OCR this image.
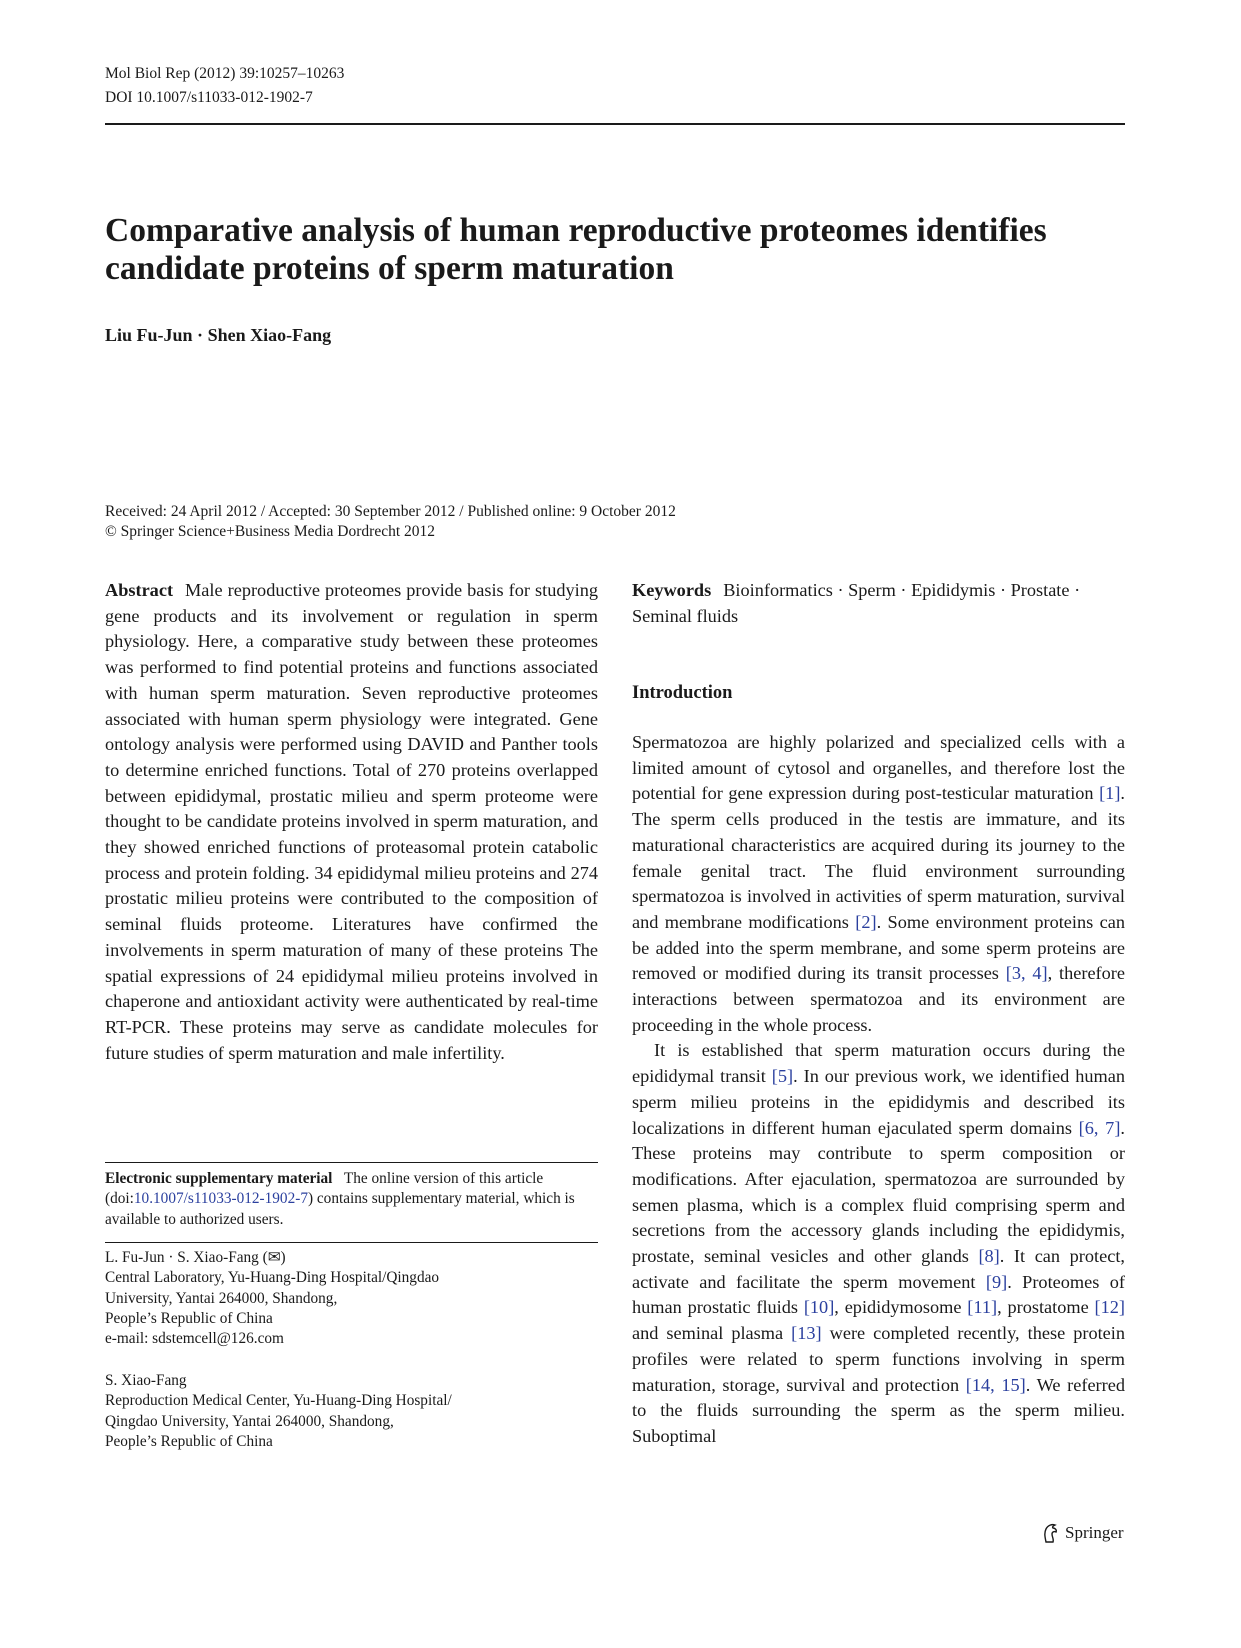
Mol Biol Rep (2012) 39:10257–10263
DOI 10.1007/s11033-012-1902-7
Comparative analysis of human reproductive proteomes identifies
candidate proteins of sperm maturation
Liu Fu-Jun · Shen Xiao-Fang
Received: 24 April 2012 / Accepted: 30 September 2012 / Published online: 9 October 2012
© Springer Science+Business Media Dordrecht 2012

Abstract Male reproductive proteomes provide basis for studying gene products and its involvement or regulation in sperm physiology. Here, a comparative study between these proteomes was performed to find potential proteins and functions associated with human sperm maturation. Seven reproductive proteomes associated with human sperm physiology were integrated. Gene ontology analysis were performed using DAVID and Panther tools to determine enriched functions. Total of 270 proteins overlapped between epididymal, prostatic milieu and sperm proteome were thought to be candidate proteins involved in sperm maturation, and they showed enriched functions of proteasomal protein catabolic process and protein folding. 34 epididymal milieu proteins and 274 prostatic milieu proteins were contributed to the composition of seminal fluids proteome. Literatures have confirmed the involvements in sperm maturation of many of these proteins The spatial expressions of 24 epididymal milieu proteins involved in chaperone and antioxidant activity were authenticated by real-time RT-PCR. These proteins may serve as candidate molecules for future studies of sperm maturation and male infertility.

Electronic supplementary material The online version of this article (doi:10.1007/s11033-012-1902-7) contains supplementary material, which is available to authorized users.
L. Fu-Jun · S. Xiao-Fang (✉)
Central Laboratory, Yu-Huang-Ding Hospital/Qingdao
University, Yantai 264000, Shandong,
People’s Republic of China
e-mail: sdstemcell@126.com
S. Xiao-Fang
Reproduction Medical Center, Yu-Huang-Ding Hospital/
Qingdao University, Yantai 264000, Shandong,
People’s Republic of China

Keywords Bioinformatics · Sperm · Epididymis · Prostate · Seminal fluids

Introduction

Spermatozoa are highly polarized and specialized cells with a limited amount of cytosol and organelles, and therefore lost the potential for gene expression during post-testicular maturation [1]. The sperm cells produced in the testis are immature, and its maturational characteristics are acquired during its journey to the female genital tract. The fluid environment surrounding spermatozoa is involved in activities of sperm maturation, survival and membrane modifications [2]. Some environment proteins can be added into the sperm membrane, and some sperm proteins are removed or modified during its transit processes [3, 4], therefore interactions between spermatozoa and its environment are proceeding in the whole process.

It is established that sperm maturation occurs during the epididymal transit [5]. In our previous work, we identified human sperm milieu proteins in the epididymis and described its localizations in different human ejaculated sperm domains [6, 7]. These proteins may contribute to sperm composition or modifications. After ejaculation, spermatozoa are surrounded by semen plasma, which is a complex fluid comprising sperm and secretions from the accessory glands including the epididymis, prostate, seminal vesicles and other glands [8]. It can protect, activate and facilitate the sperm movement [9]. Proteomes of human prostatic fluids [10], epididymosome [11], prostatome [12] and seminal plasma [13] were completed recently, these protein profiles were related to sperm functions involving in sperm maturation, storage, survival and protection [14, 15]. We referred to the fluids surrounding the sperm as the sperm milieu. Suboptimal

Springer
